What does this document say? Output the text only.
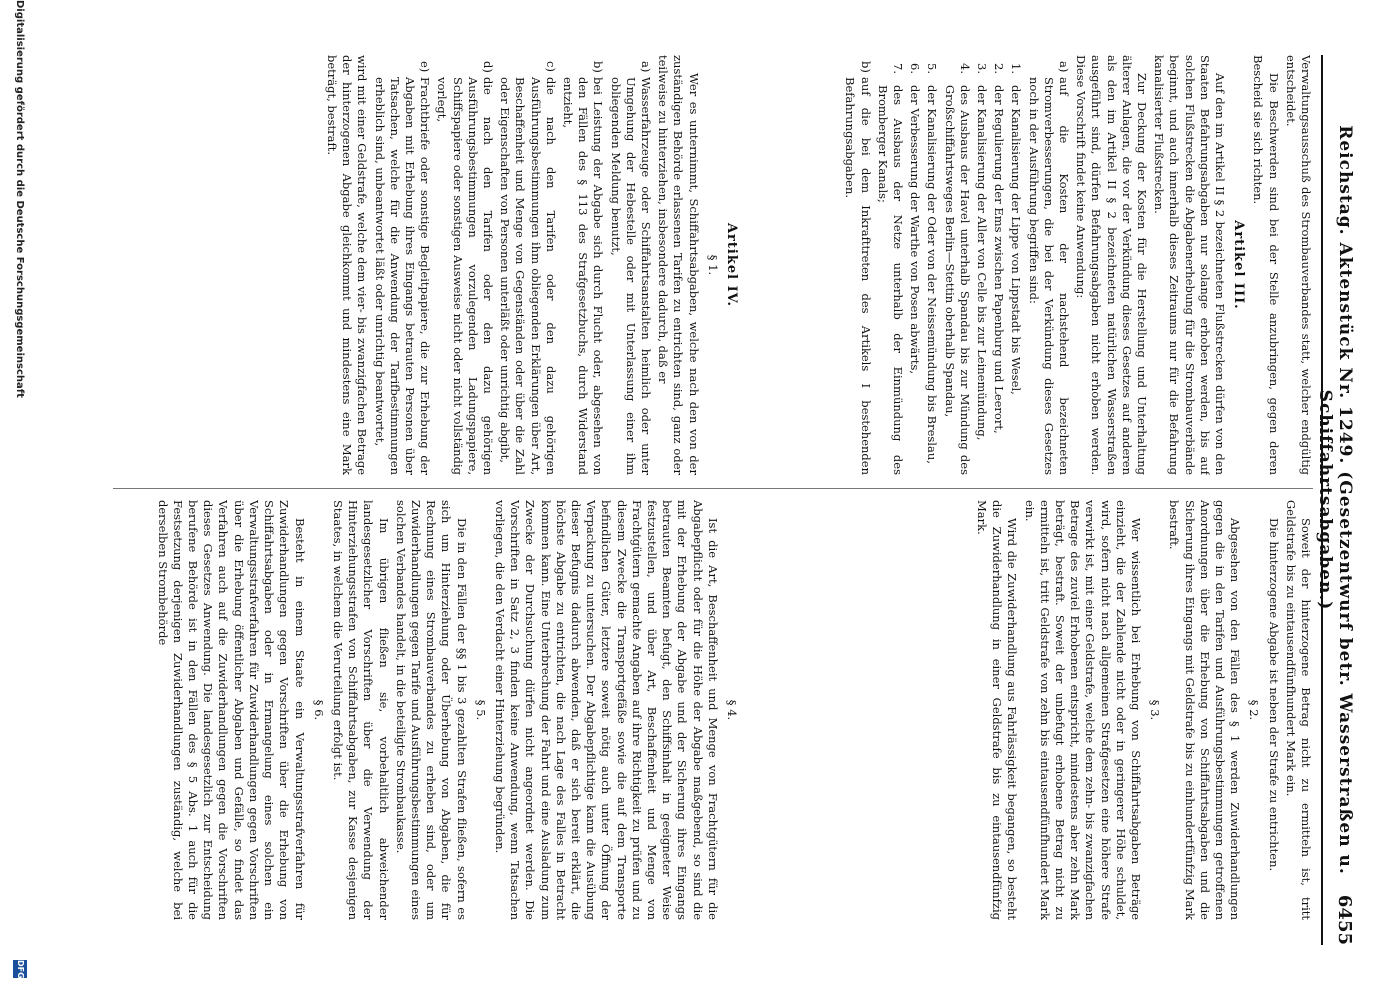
Reichstag. Aktenstück Nr. 1249. (Gesetzentwurf betr. Wasserstraßen u. Schiffahrtsabgaben.)
6455

Verwaltungsausschuß des Strombauverbandes statt, welcher endgültig entscheidet.

Die Beschwerden sind bei der Stelle anzubringen, gegen deren Bescheid sie sich richten.

Artikel III.

Auf den im Artikel II § 2 bezeichneten Flußstrecken dürfen von den Staaten Befahrungsabgaben nur solange erhoben werden, bis auf solchen Flußstrecken die Abgabenerhebung für die Strombauverbände beginnt, und auch innerhalb dieses Zeitraums nur für die Befahrung kanalisierter Flußstrecken.

Zur Deckung der Kosten für die Herstellung und Unterhaltung älterer Anlagen, die vor der Verkündung dieses Gesetzes auf anderen als den im Artikel II § 2 bezeichneten natürlichen Wasserstraßen ausgeführt sind, dürfen Befahrungsabgaben nicht erhoben werden. Diese Vorschrift findet keine Anwendung:

a)
auf die Kosten der nachstehend bezeichneten Stromverbesserungen, die bei der Verkündung dieses Gesetzes noch in der Ausführung begriffen sind:

1.
der Kanalisierung der Lippe von Lippstadt bis Wesel,

2.
der Regulierung der Ems zwischen Papenburg und Leerort,

3.
der Kanalisierung der Aller von Celle bis zur Leinemündung,

4.
des Ausbaus der Havel unterhalb Spandau bis zur Mündung des Großschiffahrtsweges Berlin—Stettin oberhalb Spandau,

5.
der Kanalisierung der Oder von der Neissemündung bis Breslau,

6.
der Verbesserung der Warthe von Posen abwärts,

7.
des Ausbaus der Netze unterhalb der Einmündung des Bromberger Kanals;

b)
auf die bei dem Inkrafttreten des Artikels I bestehenden Befahrungsabgaben.

Soweit der hinterzogene Betrag nicht zu ermitteln ist, tritt Geldstrafe bis zu eintausendfünfhundert Mark ein.

Die hinterzogene Abgabe ist neben der Strafe zu entrichten.

§ 2.

Abgesehen von den Fällen des § 1 werden Zuwiderhandlungen gegen die in den Tarifen und Ausführungsbestimmungen getroffenen Anordnungen über die Erhebung von Schiffahrtsabgaben und die Sicherung ihres Eingangs mit Geldstrafe bis zu einhundertfünfzig Mark bestraft.

§ 3.

Wer wissentlich bei Erhebung von Schiffahrtsabgaben Beträge einzieht, die der Zahlende nicht oder in geringerer Höhe schuldet, wird, sofern nicht nach allgemeinen Strafgesetzen eine höhere Strafe verwirkt ist, mit einer Geldstrafe, welche dem zehn- bis zwanzigfachen Betrage des zuviel Erhobenen entspricht, mindestens aber zehn Mark beträgt, bestraft. Soweit der unbefugt erhobene Betrag nicht zu ermitteln ist, tritt Geldstrafe von zehn bis eintausendfünfhundert Mark ein.

Wird die Zuwiderhandlung aus Fahrlässigkeit begangen, so besteht die Zuwiderhandlung in einer Geldstrafe bis zu eintausendfünfzig Mark.

Artikel IV.
§ 1.

Wer es unternimmt, Schiffahrtsabgaben, welche nach den von der zuständigen Behörde erlassenen Tarifen zu entrichten sind, ganz oder teilweise zu hinterziehen, insbesondere dadurch, daß er

a)
Wasserfahrzeuge oder Schiffahrtsanstalten heimlich oder unter Umgehung der Hebestelle oder mit Unterlassung einer ihm obliegenden Meldung benutzt,

b)
bei Leistung der Abgabe sich durch Flucht oder, abgesehen von den Fällen des § 113 des Strafgesetzbuchs, durch Widerstand entzieht,

c)
die nach den Tarifen oder den dazu gehörigen Ausführungsbestimmungen ihm obliegenden Erklärungen über Art, Beschaffenheit und Menge von Gegenständen oder über die Zahl oder Eigenschaften von Personen unterläßt oder unrichtig abgibt,

d)
die nach den Tarifen oder den dazu gehörigen Ausführungsbestimmungen vorzulegenden Ladungspapiere, Schiffspapiere oder sonstigen Ausweise nicht oder nicht vollständig vorlegt,

e)
Frachtbriefe oder sonstige Begleitpapiere, die zur Erhebung der Abgaben mit Erhebung ihres Eingangs betrauten Personen über Tatsachen, welche für die Anwendung der Tarifbestimmungen erheblich sind, unbeantwortet läßt oder unrichtig beantwortet,

wird mit einer Geldstrafe, welche dem vier- bis zwanzigfachen Betrage der hinterzogenen Abgabe gleichkommt und mindestens eine Mark beträgt, bestraft.

§ 4.

Ist die Art, Beschaffenheit und Menge von Frachtgütern für die Abgabepflicht oder für die Höhe der Abgabe maßgebend, so sind die mit der Erhebung der Abgabe und der Sicherung ihres Eingangs betrauten Beamten befugt, den Schiffsinhalt in geeigneter Weise festzustellen, und über Art, Beschaffenheit und Menge von Frachtgütern gemachte Angaben auf ihre Richtigkeit zu prüfen und zu diesem Zwecke die Transportgefäße sowie die auf dem Transporte befindlichen Güter, letztere soweit nötig auch unter Öffnung der Verpackung zu untersuchen. Der Abgabepflichtige kann die Ausübung dieser Befugnis dadurch abwenden, daß er sich bereit erklärt, die höchste Abgabe zu entrichten, die nach Lage des Falles in Betracht kommen kann. Eine Unterbrechung der Fahrt und eine Ausladung zum Zwecke der Durchsuchung dürfen nicht angeordnet werden. Die Vorschriften in Satz 2, 3 finden keine Anwendung, wenn Tatsachen vorliegen, die den Verdacht einer Hinterziehung begründen.

§ 5.

Die in den Fällen der §§ 1 bis 3 gezahlten Strafen fließen, sofern es sich um Hinterziehung oder Überhebung von Abgaben, die für Rechnung eines Strombauverbandes zu erheben sind, oder um Zuwiderhandlungen gegen Tarife und Ausführungsbestimmungen eines solchen Verbandes handelt, in die beteiligte Strombaukasse.

Im übrigen fließen sie, vorbehaltlich abweichender landesgesetzlicher Vorschriften über die Verwendung der Hinterziehungsstrafen von Schiffahrtsabgaben, zur Kasse desjenigen Staates, in welchem die Verurteilung erfolgt ist.

§ 6.

Besteht in einem Staate ein Verwaltungsstrafverfahren für Zuwiderhandlungen gegen Vorschriften über die Erhebung von Schiffahrtsabgaben oder in Ermangelung eines solchen ein Verwaltungsstrafverfahren für Zuwiderhandlungen gegen Vorschriften über die Erhebung öffentlicher Abgaben und Gefälle, so findet das Verfahren auch auf die Zuwiderhandlungen gegen die Vorschriften dieses Gesetzes Anwendung. Die landesgesetzlich zur Entscheidung berufene Behörde ist in den Fällen des § 5 Abs. 1 auch für die Festsetzung derjenigen Zuwiderhandlungen zuständig, welche bei derselben Strombehörde

Digitalisierung gefördert durch die Deutsche Forschungsgemeinschaft
DFG
